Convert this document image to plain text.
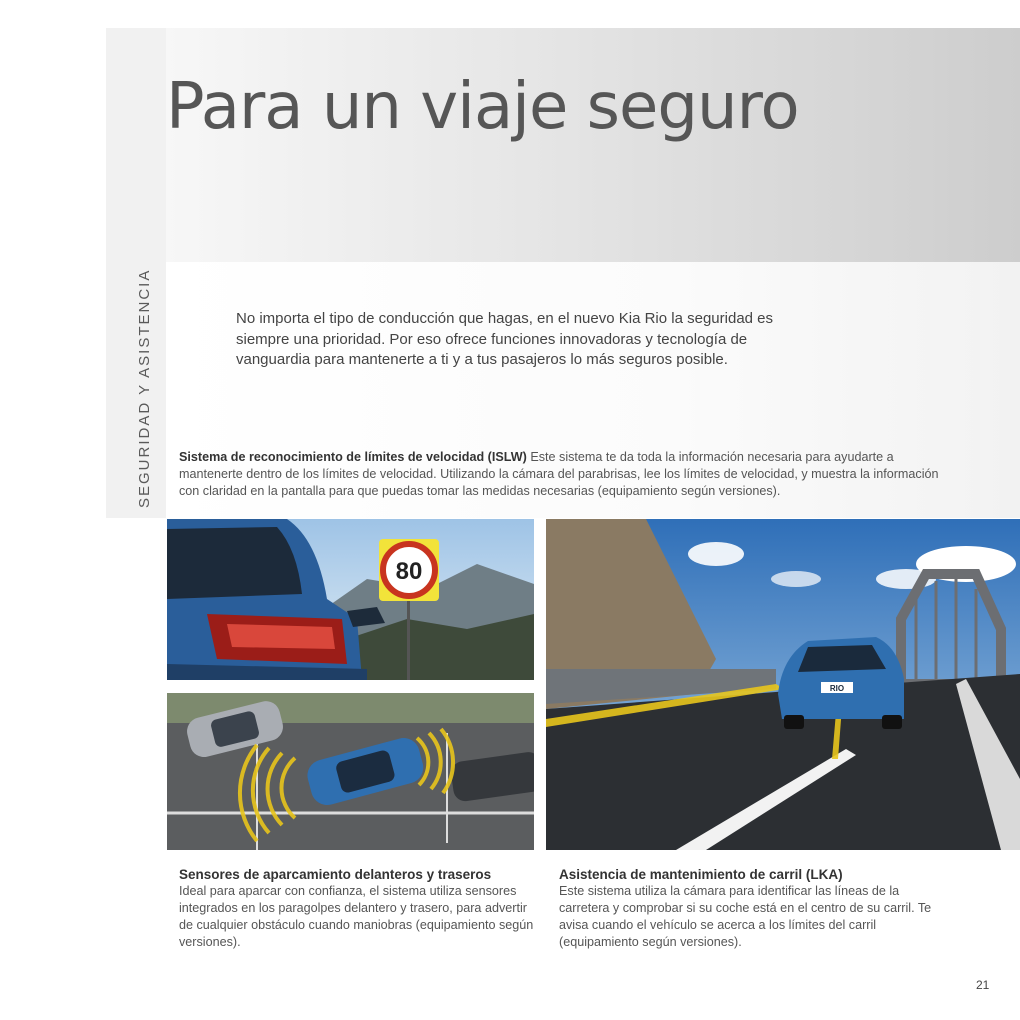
Para un viaje seguro
SEGURIDAD Y ASISTENCIA	No importa el tipo de conducción que hagas, en el nuevo Kia Rio la seguridad es siempre una prioridad. Por eso ofrece funciones innovadoras y tecnología de vanguardia para mantenerte a ti y a tus pasajeros lo más seguros posible.

Sistema de reconocimiento de límites de velocidad (ISLW) Este sistema te da toda la información necesaria para ayudarte a mantenerte dentro de los límites de velocidad. Utilizando la cámara del parabrisas, lee los límites de velocidad, y muestra la información con claridad en la pantalla para que puedas tomar las medidas necesarias (equipamiento según versiones).

80
RIO

Sensores de aparcamiento delanteros y traseros
Ideal para aparcar con confianza, el sistema utiliza sensores integrados en los paragolpes delantero y trasero, para advertir de cualquier obstáculo cuando maniobras (equipamiento según versiones).

Asistencia de mantenimiento de carril (LKA)
Este sistema utiliza la cámara para identificar las líneas de la carretera y comprobar si su coche está en el centro de su carril. Te avisa cuando el vehículo se acerca a los límites del carril (equipamiento según versiones).

21
